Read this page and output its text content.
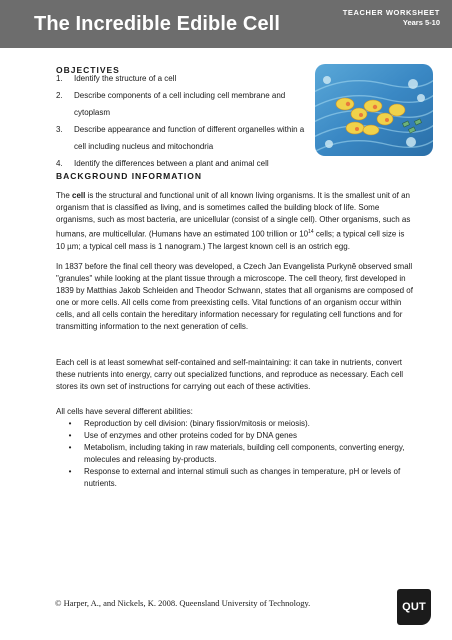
The Incredible Edible Cell
TEACHER WORKSHEET
Years 5-10
OBJECTIVES
1.	Identify the structure of a cell
2.	Describe components of a cell including cell membrane and cytoplasm
3.	Describe appearance and function of different organelles within a cell including nucleus and mitochondria
4.	Identify the differences between a plant and animal cell
BACKGROUND INFORMATION

The cell is the structural and functional unit of all known living organisms. It is the smallest unit of an organism that is classified as living, and is sometimes called the building block of life. Some organisms, such as most bacteria, are unicellular (consist of a single cell). Other organisms, such as humans, are multicellular. (Humans have an estimated 100 trillion or $10^{14}$ cells; a typical cell size is 10 µm; a typical cell mass is 1 nanogram.) The largest known cell is an ostrich egg.

In 1837 before the final cell theory was developed, a Czech Jan Evangelista Purkyně observed small "granules" while looking at the plant tissue through a microscope. The cell theory, first developed in 1839 by Matthias Jakob Schleiden and Theodor Schwann, states that all organisms are composed of one or more cells. All cells come from preexisting cells. Vital functions of an organism occur within cells, and all cells contain the hereditary information necessary for regulating cell functions and for transmitting information to the next generation of cells.

Each cell is at least somewhat self-contained and self-maintaining: it can take in nutrients, convert these nutrients into energy, carry out specialized functions, and reproduce as necessary. Each cell stores its own set of instructions for carrying out each of these activities.

All cells have several different abilities:

•	Reproduction by cell division: (binary fission/mitosis or meiosis).
•	Use of enzymes and other proteins coded for by DNA genes
•	Metabolism, including taking in raw materials, building cell components, converting energy, molecules and releasing by-products.
•	Response to external and internal stimuli such as changes in temperature, pH or levels of nutrients.
© Harper, A., and Nickels, K. 2008. Queensland University of Technology.	QUT
